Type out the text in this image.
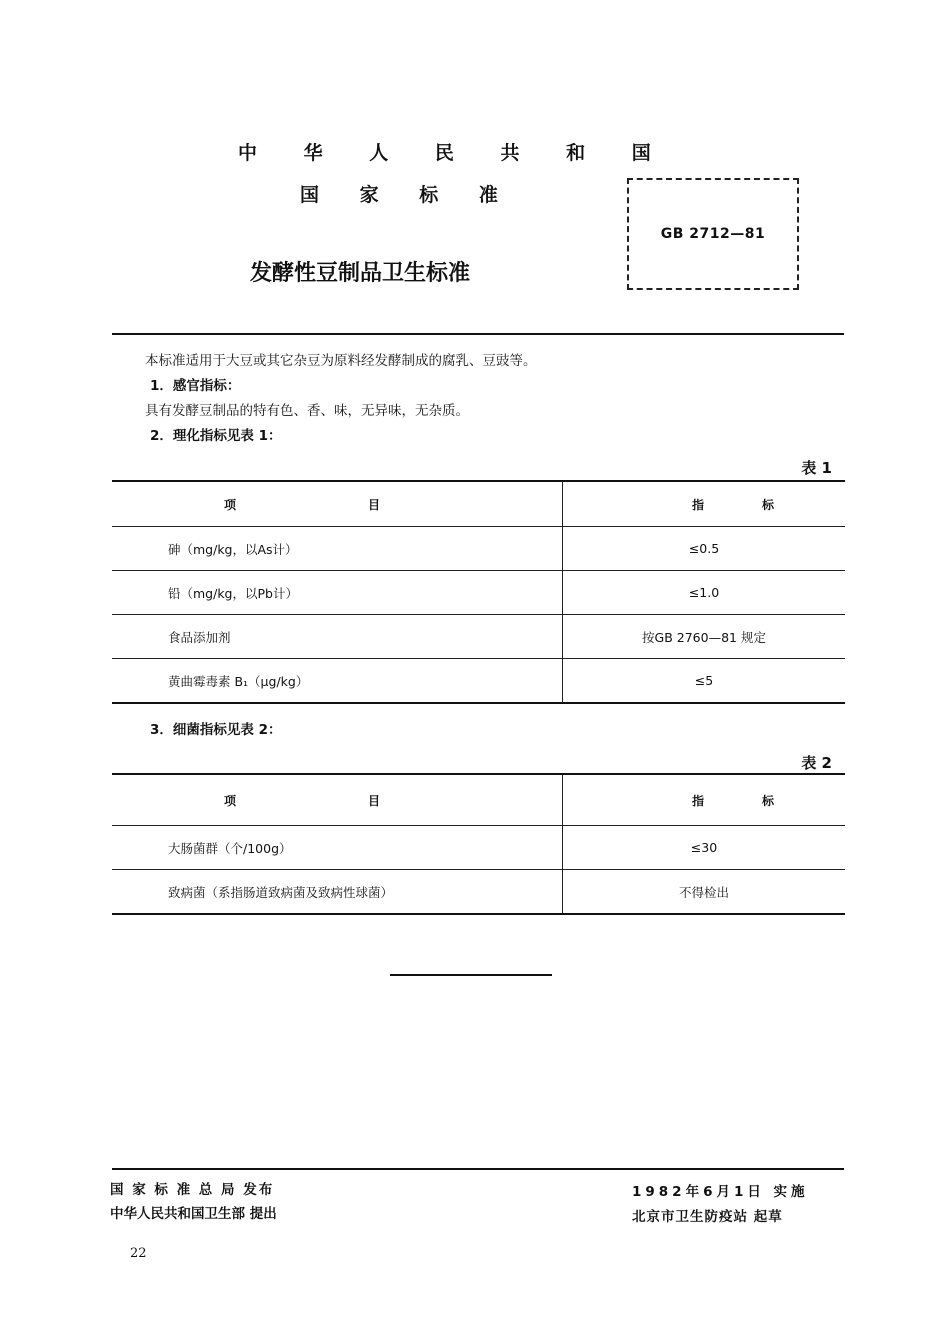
中 华 人 民 共 和 国
国 家 标 准
发酵性豆制品卫生标准
GB 2712—81
本标准适用于大豆或其它杂豆为原料经发酵制成的腐乳、豆豉等。
1．感官指标：
具有发酵豆制品的特有色、香、味，无异味，无杂质。
2．理化指标见表 1：
表 1
项 目	指 标

砷（mg/kg，以As计）	≤0.5
铅（mg/kg，以Pb计）	≤1.0
食品添加剂	按GB 2760—81 规定
黄曲霉毒素 B₁（μg/kg）	≤5
3．细菌指标见表 2：
表 2
项 目	指 标

大肠菌群（个/100g）	≤30
致病菌（系指肠道致病菌及致病性球菌）	不得检出
国 家 标 准 总 局 发布
中华人民共和国卫生部 提出
1982年6月1日 实施
北京市卫生防疫站 起草
22
